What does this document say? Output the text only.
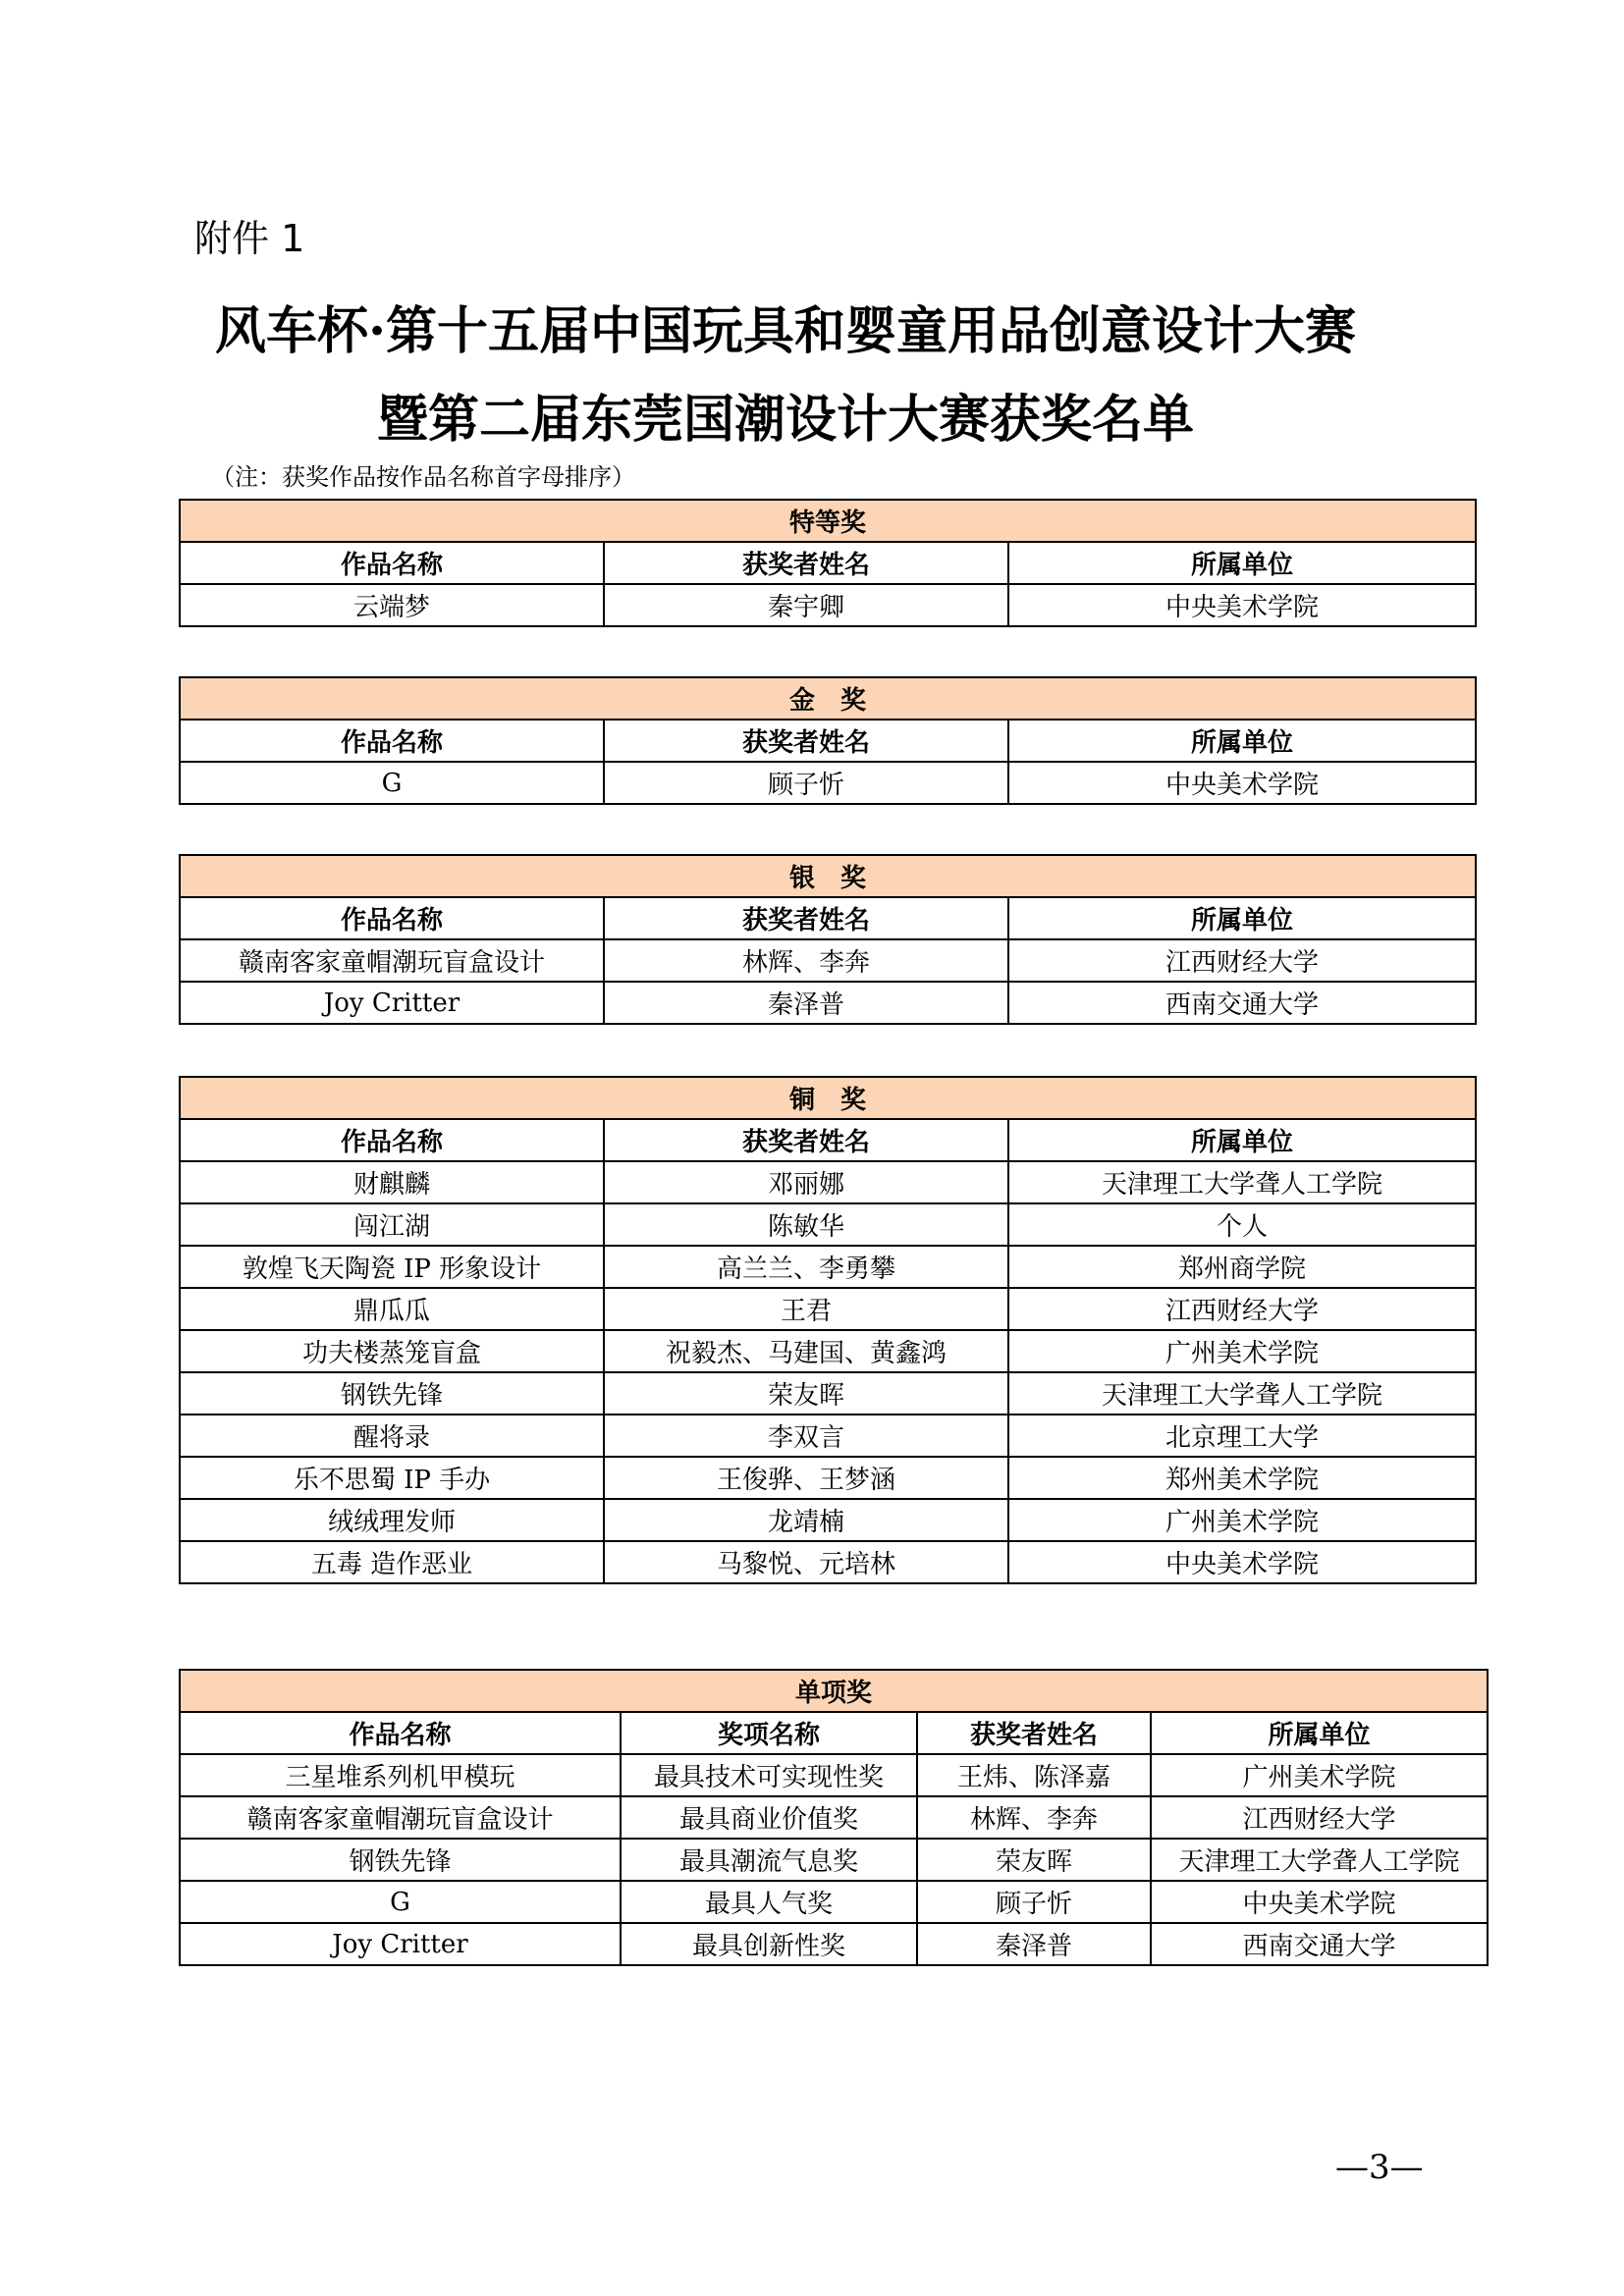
附件 1
风车杯·第十五届中国玩具和婴童用品创意设计大赛
暨第二届东莞国潮设计大赛获奖名单
（注：获奖作品按作品名称首字母排序）
特等奖		
作品名称	获奖者姓名	所属单位
云端梦	秦宇卿	中央美术学院
金　奖		
作品名称	获奖者姓名	所属单位
G	顾子忻	中央美术学院
银　奖		
作品名称	获奖者姓名	所属单位
赣南客家童帽潮玩盲盒设计	林辉、李奔	江西财经大学
Joy Critter	秦泽普	西南交通大学
铜　奖		
作品名称	获奖者姓名	所属单位
财麒麟	邓丽娜	天津理工大学聋人工学院
闯江湖	陈敏华	个人
敦煌飞天陶瓷 IP 形象设计	高兰兰、李勇攀	郑州商学院
鼎瓜瓜	王君	江西财经大学
功夫楼蒸笼盲盒	祝毅杰、马建国、黄鑫鸿	广州美术学院
钢铁先锋	荣友晖	天津理工大学聋人工学院
醒将录	李双言	北京理工大学
乐不思蜀 IP 手办	王俊骅、王梦涵	郑州美术学院
绒绒理发师	龙靖楠	广州美术学院
五毒 造作恶业	马黎悦、元培林	中央美术学院
单项奖			
作品名称	奖项名称	获奖者姓名	所属单位
三星堆系列机甲模玩	最具技术可实现性奖	王炜、陈泽嘉	广州美术学院
赣南客家童帽潮玩盲盒设计	最具商业价值奖	林辉、李奔	江西财经大学
钢铁先锋	最具潮流气息奖	荣友晖	天津理工大学聋人工学院
G	最具人气奖	顾子忻	中央美术学院
Joy Critter	最具创新性奖	秦泽普	西南交通大学
—3—
